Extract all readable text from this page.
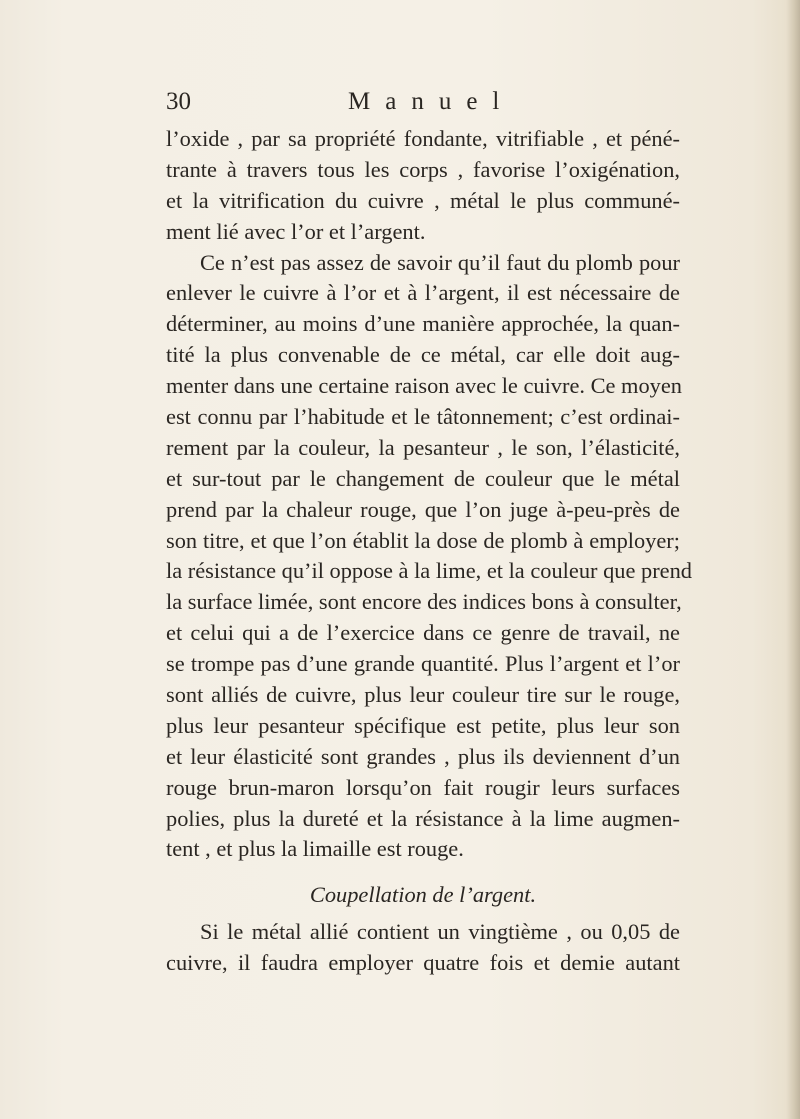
30	Manuel
l’oxide , par sa propriété fondante, vitrifiable , et péné-
trante à travers tous les corps , favorise l’oxigénation,
et la vitrification du cuivre , métal le plus communé-
ment lié avec l’or et l’argent.
Ce n’est pas assez de savoir qu’il faut du plomb pour
enlever le cuivre à l’or et à l’argent, il est nécessaire de
déterminer, au moins d’une manière approchée, la quan-
tité la plus convenable de ce métal, car elle doit aug-
menter dans une certaine raison avec le cuivre. Ce moyen
est connu par l’habitude et le tâtonnement; c’est ordinai-
rement par la couleur, la pesanteur , le son, l’élasticité,
et sur-tout par le changement de couleur que le métal
prend par la chaleur rouge, que l’on juge à-peu-près de
son titre, et que l’on établit la dose de plomb à employer;
la résistance qu’il oppose à la lime, et la couleur que prend
la surface limée, sont encore des indices bons à consulter,
et celui qui a de l’exercice dans ce genre de travail, ne
se trompe pas d’une grande quantité. Plus l’argent et l’or
sont alliés de cuivre, plus leur couleur tire sur le rouge,
plus leur pesanteur spécifique est petite, plus leur son
et leur élasticité sont grandes , plus ils deviennent d’un
rouge brun-maron lorsqu’on fait rougir leurs surfaces
polies, plus la dureté et la résistance à la lime augmen-
tent , et plus la limaille est rouge.
Coupellation de l’argent.
Si le métal allié contient un vingtième , ou 0,05 de
cuivre, il faudra employer quatre fois et demie autant
